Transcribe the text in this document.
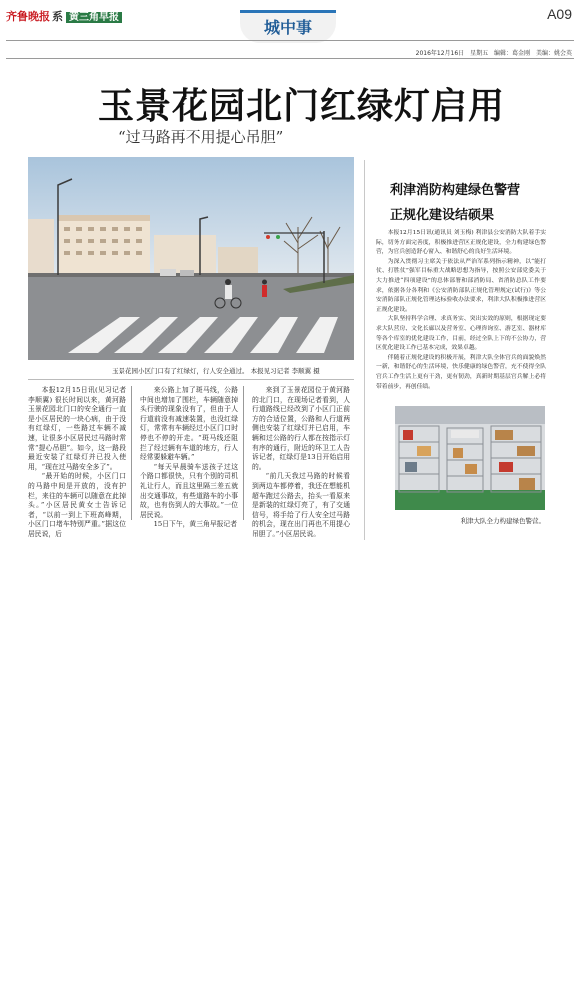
齐鲁晚报 系 黄三角早报
城中事
A09
2016年12月16日 星期五 编辑：葛金刚 美编：姚会英
玉景花园北门红绿灯启用
“过马路再不用提心吊胆”
玉景花园小区门口有了红绿灯，行人安全通过。 本报见习记者 李顺翼 摄

本报12月15日讯(见习记者 李顺翼) 很长时间以来，黄河路玉景花园北门口的安全通行一直是小区居民的一块心病，由于没有红绿灯，一些路过车辆不减速，让很多小区居民过马路时常常“提心吊胆”。如今，这一路段最近安装了红绿灯并已投入使用，“现在过马路安全多了”。

“最开始的时候，小区门口的马路中间是开放的，没有护栏，来往的车辆可以随意在此掉头。”小区居民黄女士告诉记者，“以前一到上下班高峰期，小区门口堵车特别严重。”据这位居民说，后

来公路上加了斑马线，公路中间也增加了围栏，车辆随意掉头行驶的现象没有了，但由于人行道前没有减速装置，也没红绿灯，常常有车辆经过小区门口时停也不停的开走。“斑马线还阻拦了经过辆有车道的地方，行人经常要躲避车辆。”

“每天早晨骑车送孩子过这个路口都很快，只有个别的司机礼让行人，而且这里隔三差五就出交通事故，有些道路车的小事故，也有伤到人的大事故。”一位居民说。

15日下午，黄三角早报记者

来到了玉景花园位于黄河路的北门口，在现场记者看到，人行道路线已经改到了小区门正前方的合适位置，公路和人行道两侧也安装了红绿灯并已启用，车辆和过公路的行人都在按指示灯有序的通行，附近的环卫工人告诉记者，红绿灯是13日开始启用的。

“前几天我过马路的时候看到两边车都停着，我还在想能机超车跑过公路去，抬头一看原来是新装的红绿灯亮了，有了交通信号，将手给了行人安全过马路的机会，现在出门再也不用提心吊胆了。”小区居民说。

利津消防构建绿色警营
正规化建设结硕果

本报12月15日讯(通讯员 刘玉梅) 利津县公安消防大队着手实际，切务方面完善度，积极推进营区正规化建设，全力构建绿色警营，为官兵创造舒心窗入、和谐舒心的良好生活环境。

为深入贯彻习主席关于依法从严治军系列指示精神，以“能打仗、打胜仗”强军目标重大战略思想为指导，按照公安部党委关于大力推进“四项建设”的总体部署和部消防局、省消防总队工作要求，依据各分各利和《公安消防部队正规化管理规定(试行)》等公安消防部队正规化管理达标验收办法要求，利津大队积极推进营区正规化建设。

大队坚持科学合理、求真务实、突出实效的原则，根据现定要求大队营房、文化长廊以及营务室、心理咨询室、游艺室、器材库等各个库室的优化建设工作，目前，经过全队上下的不公协力，营区优化建设工作已基本完成，效果卓越。

伴随着正规化建设的积极开展，利津大队全体官兵的面貌焕然一新，和谐舒心的生活环境，快乐健康的绿色警营，充不使得全队官兵工作生活上更有干劲，更有韧劲，真新时期基层官兵解上必将带着前步，再创佳绩。

利津大队全力构建绿色警营。
